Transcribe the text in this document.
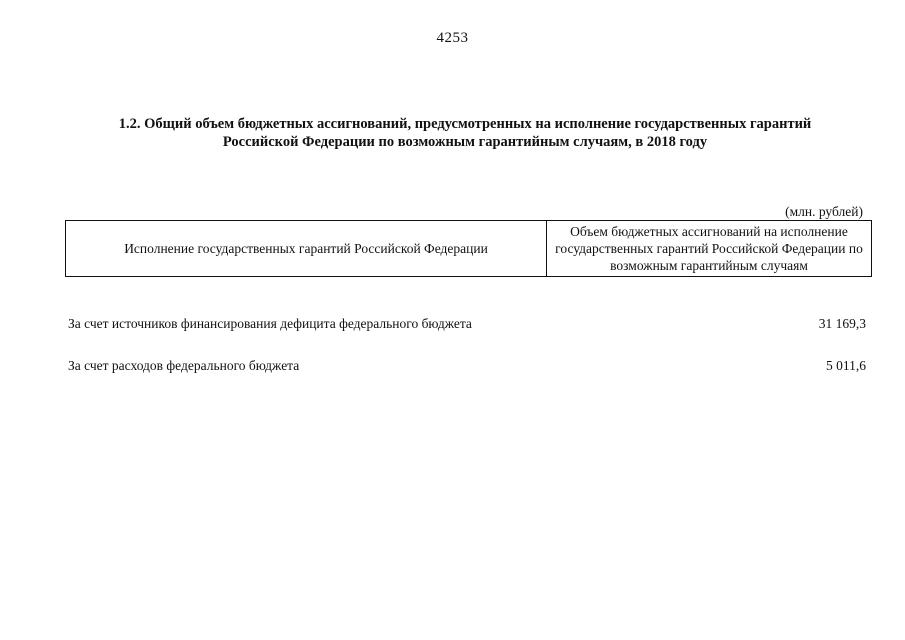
4253
1.2. Общий объем бюджетных ассигнований, предусмотренных на исполнение государственных гарантий
Российской Федерации по возможным гарантийным случаям, в 2018 году
(млн. рублей)
Исполнение государственных гарантий Российской Федерации
Объем бюджетных ассигнований на исполнение государственных гарантий Российской Федерации по возможным гарантийным случаям
За счет источников финансирования дефицита федерального бюджета	31 169,3
За счет расходов федерального бюджета	5 011,6
